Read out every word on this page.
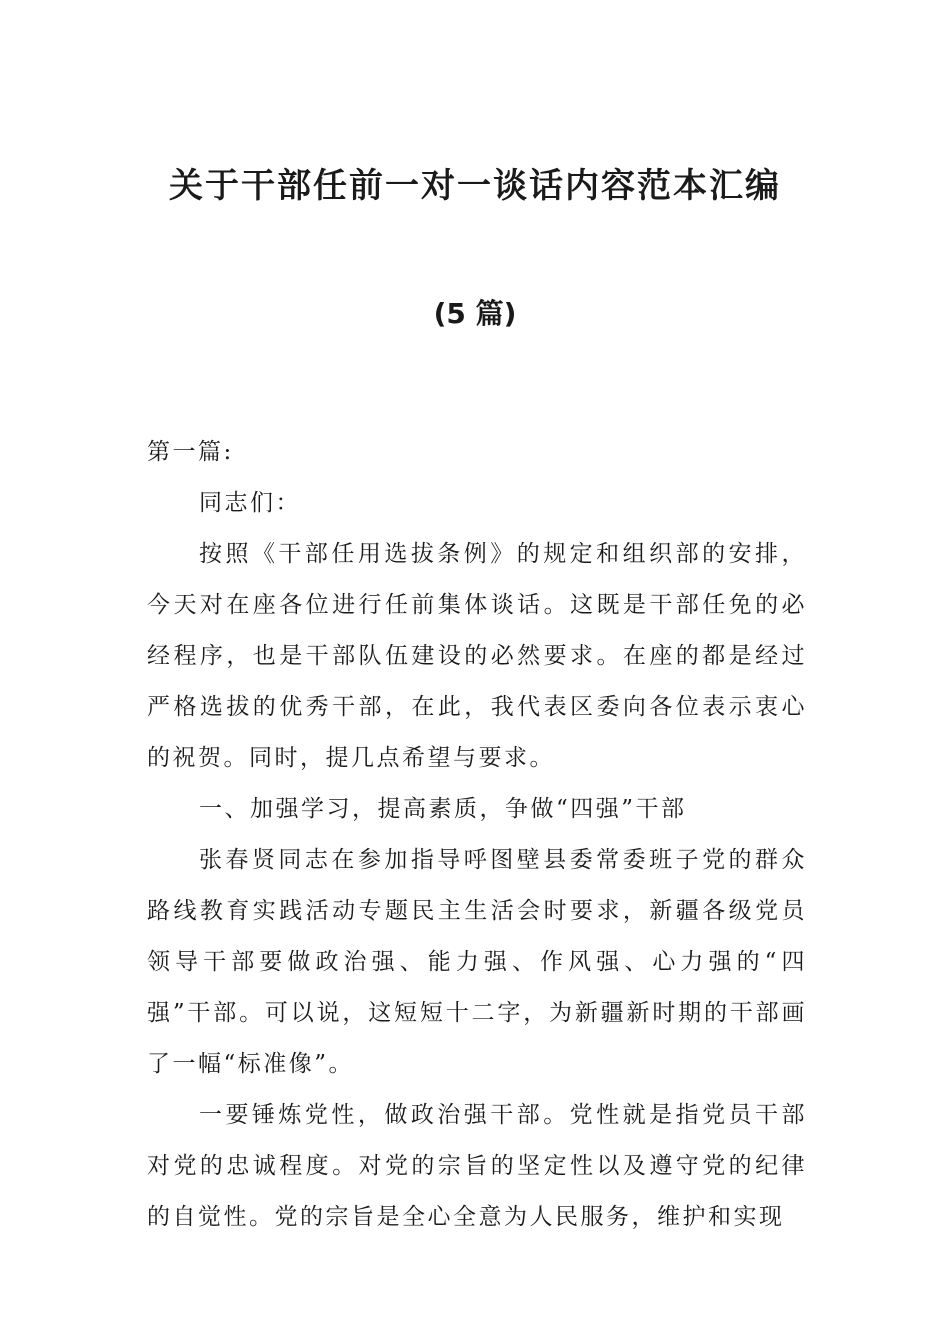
关于干部任前一对一谈话内容范本汇编
(5 篇)

第一篇:

同志们：

按照《干部任用选拔条例》的规定和组织部的安排，今天对在座各位进行任前集体谈话。这既是干部任免的必经程序，也是干部队伍建设的必然要求。在座的都是经过严格选拔的优秀干部，在此，我代表区委向各位表示衷心的祝贺。同时，提几点希望与要求。

一、加强学习，提高素质，争做“四强”干部

张春贤同志在参加指导呼图壁县委常委班子党的群众路线教育实践活动专题民主生活会时要求，新疆各级党员领导干部要做政治强、能力强、作风强、心力强的“四强”干部。可以说，这短短十二字，为新疆新时期的干部画了一幅“标准像”。

一要锤炼党性，做政治强干部。党性就是指党员干部对党的忠诚程度。对党的宗旨的坚定性以及遵守党的纪律的自觉性。党的宗旨是全心全意为人民服务，维护和实现
